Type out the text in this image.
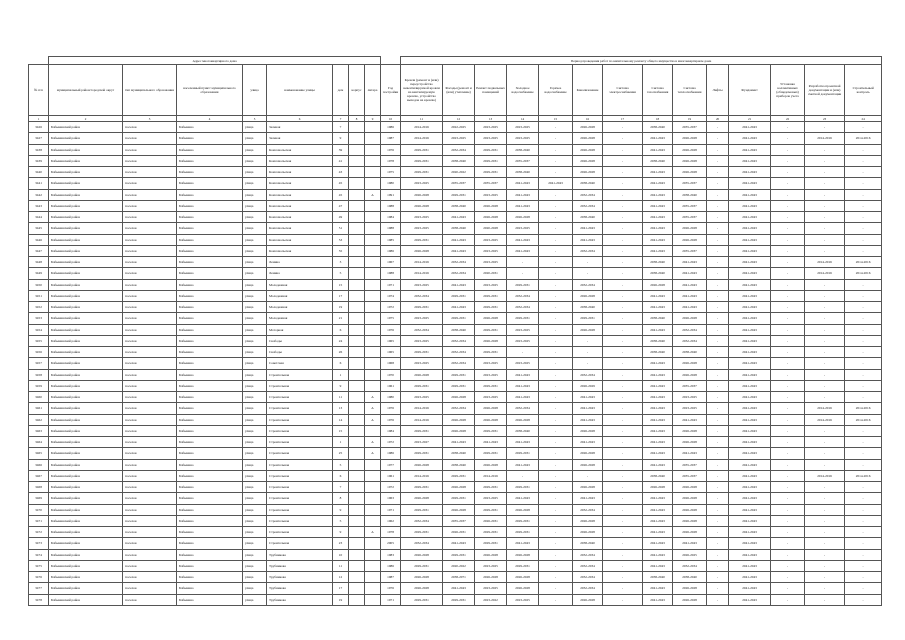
	Адрес многоквартирного дома									Период проведения работ по капитальному ремонту общего имущества в многоквартирном доме													
№ п/п	муниципальный район/городской округ	тип муниципального образования	населенный пункт/ муниципального образования	улица	наименование улицы	дом	корпус	литера	Год постройки	Кровля (ремонт и (или) переустройство невентилируемой кровли на вентилируемую кровлю, устройство выходов на кровлю)	Фасады (ремонт и (или) утепление)	Ремонт подвальных помещений	Холодное водоснабжение	Горячее водоснабжение	Канализование	Система электроснабжения	Система газоснабжения	Система теплоснабжения	Лифты	Фундамент	Установка коллективных (общедомовых) приборов учета	Разработка проектной документации и (или) сметной документации	Строительный контроль
1	2	3	4	5	6	7	8	9	10	11	12	13	14	15	16	17	18	19	20	21	22	23	24
3426	Бабынинский район	поселок	Бабынино	улица	Зеленая	7			1986	2014-2016	2022-2025	2023-2025	2023-2025	-	2026-2028	-	2038-2040	2035-2037	-	2041-2043	-	-	-
3427	Бабынинский район	поселок	Бабынино	улица	Зеленая	9			1987	2014-2016	2023-2025	2023-2025	2023-2025	-	2026-2028	-	2041-2043	2026-2028	-	2041-2043	-	2014-2016	2014-2016
3438	Бабынинский район	поселок	Бабынино	улица	Комсомольская	39			1976	2029-2031	2032-2034	2029-2031	2038-2040	-	2026-2028	-	2041-2043	2026-2028	-	2041-2043	-	-	-
3439	Бабынинский район	поселок	Бабынино	улица	Комсомольская	41			1978	2029-2031	2038-2040	2029-2031	2035-2037	-	2026-2028	-	2038-2040	2026-2028	-	2041-2043	-	-	-
3440	Бабынинский район	поселок	Бабынино	улица	Комсомольская	43			1975	2029-2031	2020-2022	2029-2031	2038-2040	-	2026-2028	-	2041-2043	2026-2028	-	2041-2043	-	-	-
3441	Бабынинский район	поселок	Бабынино	улица	Комсомольская	45			1980	2023-2025	2035-2037	2035-2037	2041-2043	2041-2043	2038-2040	-	2041-2043	2035-2037	-	2041-2043	-	-	-
3442	Бабынинский район	поселок	Бабынино	улица	Комсомольская	45		А	1991	2026-2028	2029-2031	2023-2025	2041-2043	-	2032-2034	-	2041-2043	2038-2040	-	2041-2043	-	-	-
3443	Бабынинский район	поселок	Бабынино	улица	Комсомольская	47			1988	2026-2028	2038-2040	2026-2028	2041-2043	-	2032-2034	-	2041-2043	2035-2037	-	2041-2043	-	-	-
3444	Бабынинский район	поселок	Бабынино	улица	Комсомольская	49			1984	2023-2025	2041-2043	2026-2028	2026-2028	-	2038-2040	-	2041-2043	2035-2037	-	2041-2043	-	-	-
3445	Бабынинский район	поселок	Бабынино	улица	Комсомольская	51			1988	2023-2025	2038-2040	2020-2028	2023-2025	-	2041-2043	-	2041-2043	2026-2028	-	2041-2043	-	-	-
3446	Бабынинский район	поселок	Бабынино	улица	Комсомольская	53			1985	2029-2031	2041-2043	2023-2025	2041-2043	-	2041-2043	-	2041-2043	2026-2028	-	2041-2043	-	-	-
3447	Бабынинский район	поселок	Бабынино	улица	Комсомольская	55			1986	2026-2028	2041-2043	2023-2025	2041-2043	-	2032-2034	-	2041-2043	2035-2037	-	2041-2043	-	-	-
3448	Бабынинский район	поселок	Бабынино	улица	Ленина	3			1967	2014-2016	2032-2034	2023-2025	-	-	-	-	2038-2040	2041-2043	-	2041-2043	-	2014-2016	2014-2016
3449	Бабынинский район	поселок	Бабынино	улица	Ленина	5			1988	2014-2016	2032-2034	2020-2031	-	-	-	-	2038-2040	2041-2043	-	2041-2043	-	2014-2016	2014-2016
3450	Бабынинский район	поселок	Бабынино	улица	Молодежная	15			1971	2023-2025	2041-2043	2023-2025	2029-2031	-	2032-2034	-	2026-2028	2041-2043	-	2041-2043	-	-	-
3451	Бабынинский район	поселок	Бабынино	улица	Молодежная	17			1974	2032-2034	2029-2031	2029-2031	2032-2034	-	2026-2028	-	2041-2043	2041-2043	-	2041-2043	-	-	-
3452	Бабынинский район	поселок	Бабынино	улица	Молодежная	19			1972	2029-2031	2041-2043	2029-2031	2032-2034	-	2038-2040	-	2041-2043	2041-2043	-	2041-2043	-	-	-
3453	Бабынинский район	поселок	Бабынино	улица	Молодежная	21			1975	2023-2025	2029-2031	2026-2028	2029-2031	-	2029-2031	-	2038-2040	2026-2028	-	2041-2043	-	-	-
3454	Бабынинский район	поселок	Бабынино	улица	Моторная	6			1976	2032-2034	2038-2040	2029-2031	2023-2025	-	2026-2028	-	2041-2043	2032-2034	-	2041-2043	-	-	-
3455	Бабынинский район	поселок	Бабынино	улица	Свободы	24			1965	2023-2025	2032-2034	2026-2028	2023-2025	-	-	-	2038-2040	2032-2034	-	2041-2043	-	-	-
3456	Бабынинский район	поселок	Бабынино	улица	Свободы	26			1965	2029-2031	2032-2034	2029-2031	-	-	-	-	2038-2040	2038-2040	-	2041-2043	-	-	-
3457	Бабынинский район	поселок	Бабынино	улица	Советская	6			1968	2023-2025	2032-2034	2023-2025	2023-2025	-	-	-	2041-2043	2026-2028	-	2041-2043	-	-	-
3458	Бабынинский район	поселок	Бабынино	улица	Строительная	1			1970	2026-2028	2029-2031	2023-2025	2041-2043	-	2032-2034	-	2041-2043	2026-2028	-	2041-2043	-	-	-
3459	Бабынинский район	поселок	Бабынино	улица	Строительная	9			1961	2029-2031	2029-2031	2029-2031	2041-2043	-	2026-2029	-	2041-2043	2035-2037	-	2041-2043	-	-	-
3460	Бабынинский район	поселок	Бабынино	улица	Строительная	11		А	1980	2023-2025	2026-2028	2023-2025	2041-2043	-	2041-2043	-	2041-2043	2023-2025	-	2041-2043	-	-	-
3461	Бабынинский район	поселок	Бабынино	улица	Строительная	13		А	1976	2014-2016	2032-2034	2026-2028	2032-2034	-	2041-2043	-	2041-2043	2023-2025	-	2041-2043	-	2014-2016	2014-2016
3462	Бабынинский район	поселок	Бабынино	улица	Строительная	14		А	1976	2014-2016	2026-2028	2026-2028	2026-2028	-	2041-2043	-	2041-2043	2041-2043	-	2041-2043	-	2014-2016	2014-2016
3463	Бабынинский район	поселок	Бабынино	улица	Строительная	15			1984	2029-2031	2026-2028	2029-2031	2038-2040	-	2026-2028	-	2041-2043	2026-2028	-	2041-2043	-	-	-
3464	Бабынинский район	поселок	Бабынино	улица	Строительная	1		А	1972	2023-2027	2041-2043	2041-2043	2041-2043	-	2041-2043	-	2041-2043	2026-2028	-	2041-2043	-	-	-
3465	Бабынинский район	поселок	Бабынино	улица	Строительная	25		А	1986	2029-2031	2038-2040	2029-2031	2029-2031	-	2026-2028	-	2041-2043	2041-2043	-	2041-2043	-	-	-
3466	Бабынинский район	поселок	Бабынино	улица	Строительная	5			1977	2026-2028	2038-2040	2026-2028	2041-2043	-	2026-2028	-	2041-2043	2035-2037	-	2041-2043	-	-	-
3467	Бабынинский район	поселок	Бабынино	улица	Строительная	6			1961	2014-2016	2029-2031	2014-2016	-	-	-	-	2038-2040	2035-2037	-	2041-2043	-	2014-2016	2014-2016
3468	Бабынинский район	поселок	Бабынино	улица	Строительная	7			1972	2029-2031	2026-2028	2029-2031	2029-2031	-	2026-2028	-	2026-2028	2026-2028	-	2041-2043	-	-	-
3469	Бабынинский район	поселок	Бабынино	улица	Строительная	8			1963	2026-2028	2029-2031	2023-2025	2041-2043	-	2041-2043	-	2041-2043	2026-2028	-	2041-2043	-	-	-
3470	Бабынинский район	поселок	Бабынино	улица	Строительная	9			1971	2029-2031	2026-2028	2029-2031	2026-2028	-	2032-2034	-	2041-2043	2026-2028	-	2041-2043	-	-	-
3471	Бабынинский район	поселок	Бабынино	улица	Строительная	5			1962	2032-2034	2035-2037	2026-2031	2029-2031	-	2026-2028	-	2041-2043	2026-2028	-	2041-2043	-	-	-
3472	Бабынинский район	поселок	Бабынино	улица	Строительная	9		А	1978	2029-2031	2026-2031	2029-2031	2029-2031	-	2026-2028	-	2041-2043	2026-2028	-	2041-2043	-	-	-
3473	Бабынинский район	поселок	Бабынино	улица	Строительная	23			2005	2032-2034	2041-2043	2029-2031	2041-2043	-	2038-2040	-	2041-2043	2041-2043	-	2041-2043	-	-	-
3474	Бабынинский район	поселок	Бабынино	улица	Трубникова	10			1983	2026-2028	2029-2031	2026-2028	2026-2028	-	2032-2034	-	2041-2043	2026-2025	-	2041-2043	-	-	-
3475	Бабынинский район	поселок	Бабынино	улица	Трубникова	11			1986	2029-2031	2020-2022	2023-2025	2029-2031	-	2032-2034	-	2041-2043	2032-2034	-	2041-2043	-	-	-
3476	Бабынинский район	поселок	Бабынино	улица	Трубникова	12			1987	2026-2028	2038-2071	2026-2028	2026-2028	-	2032-2034	-	2038-2040	2038-2040	-	2041-2043	-	-	-
3477	Бабынинский район	поселок	Бабынино	улица	Трубникова	17			1976	2026-2028	2041-2043	2023-2025	2026-2028	-	2032-2034	-	2041-2043	2026-2028	-	2041-2043	-	-	-
3478	Бабынинский район	поселок	Бабынино	улица	Трубникова	19			1971	2029-2031	2029-2031	2023-2022	2023-2025	-	2026-2028	-	2041-2043	2026-2028	-	2041-2043	-	-	-
